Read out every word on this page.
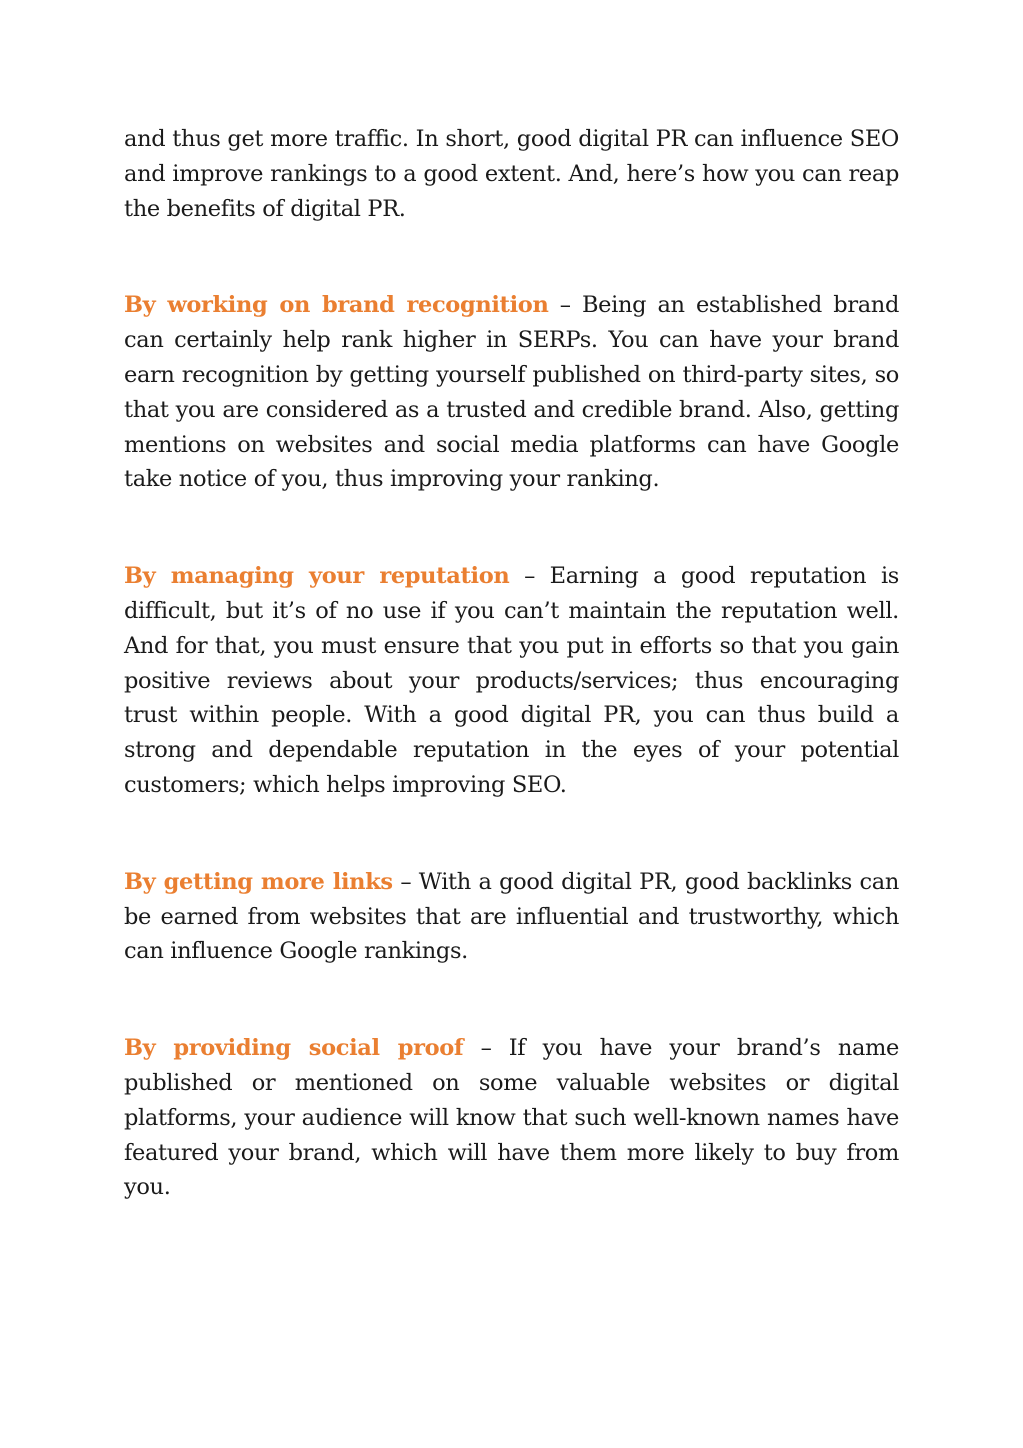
and thus get more traffic. In short, good digital PR can influence SEO and improve rankings to a good extent. And, here’s how you can reap the benefits of digital PR.

By working on brand recognition – Being an established brand can certainly help rank higher in SERPs. You can have your brand earn recognition by getting yourself published on third-party sites, so that you are considered as a trusted and credible brand. Also, getting mentions on websites and social media platforms can have Google take notice of you, thus improving your ranking.

By managing your reputation – Earning a good reputation is difficult, but it’s of no use if you can’t maintain the reputation well. And for that, you must ensure that you put in efforts so that you gain positive reviews about your products/services; thus encouraging trust within people. With a good digital PR, you can thus build a strong and dependable reputation in the eyes of your potential customers; which helps improving SEO.

By getting more links – With a good digital PR, good backlinks can be earned from websites that are influential and trustworthy, which can influence Google rankings.

By providing social proof – If you have your brand’s name published or mentioned on some valuable websites or digital platforms, your audience will know that such well-known names have featured your brand, which will have them more likely to buy from you.
